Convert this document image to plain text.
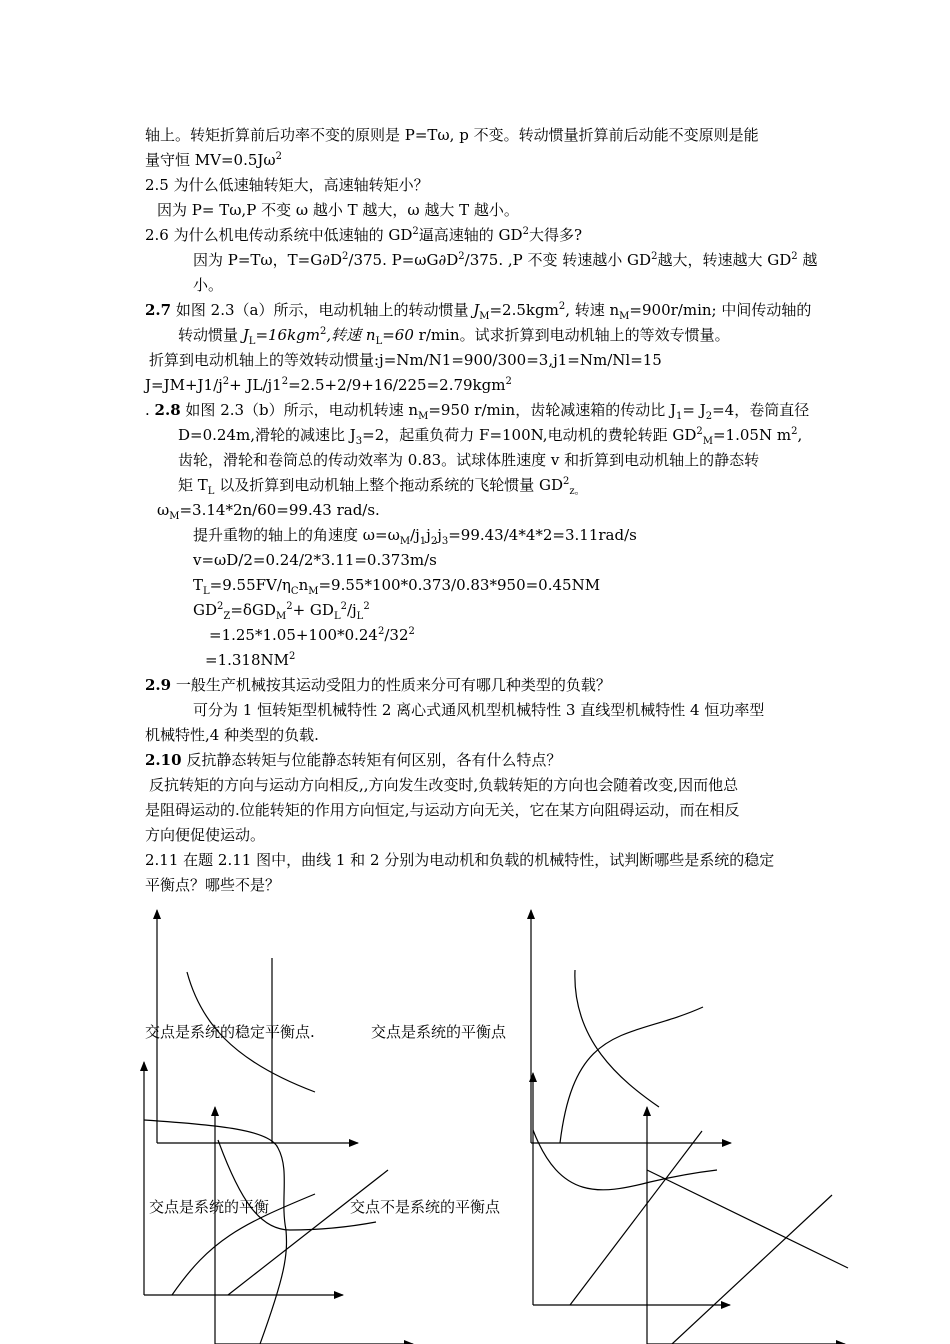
轴上。转矩折算前后功率不变的原则是 P=Tω, p 不变。转动惯量折算前后动能不变原则是能
量守恒 $MV=0.5J\omega^2$
2.5 为什么低速轴转矩大，高速轴转矩小？
因为 P= Tω,P 不变 ω 越小 T 越大，ω 越大 T 越小。
2.6 为什么机电传动系统中低速轴的 $GD^2$逼高速轴的 $GD^2$大得多?
因为 P=Tω，$T=G\partial D^2/375$. $P=\omega G\partial D^2/375$. ,P 不变 转速越小 $GD^2$越大，转速越大 $GD^2$ 越
小。
2.7 如图 2.3（a）所示，电动机轴上的转动惯量 $J_M=2.5kgm^2$, 转速 $n_M=900r/\min$; 中间传动轴的
转动惯量 $J_L=16kgm^2$,转速 $n_L=60$ r/min。试求折算到电动机轴上的等效专惯量。
折算到电动机轴上的等效转动惯量:j=Nm/N1=900/300=3,j1=Nm/Nl=15
$J=JM+J1/j^2+ JL/j1^2=2.5+2/9+16/225=2.79kgm^2$
. 2.8 如图 2.3（b）所示，电动机转速 $n_M=950$ r/min，齿轮减速箱的传动比 $J_1= J_2=4$，卷筒直径
D=0.24m,滑轮的减速比 $J_3=2$，起重负荷力 F=100N,电动机的费轮转距 $GD^2_M=1.05N$ $m^2$,
齿轮，滑轮和卷筒总的传动效率为 0.83。试球体胜速度 v 和折算到电动机轴上的静态转
矩 $T_L$ 以及折算到电动机轴上整个拖动系统的飞轮惯量 $GD^2_{z。}$
$\omega_M=3.14*2n/60=99.43$ rad/s.
提升重物的轴上的角速度 $\omega=\omega_M/j_1j_2j_3=99.43/4*4*2=3.11rad/s$
v=ωD/2=0.24/2*3.11=0.373m/s
$T_L=9.55FV/\eta_Cn_M=9.55*100*0.373/0.83*950=0.45NM$
$GD^2_Z=\delta GD_M^2+ GD_L^2/j_L^2$
$=1.25*1.05+100*0.24^2/32^2$
$=1.318NM^2$
2.9 一般生产机械按其运动受阻力的性质来分可有哪几种类型的负载？
可分为 1 恒转矩型机械特性 2 离心式通风机型机械特性 3 直线型机械特性 4 恒功率型
机械特性,4 种类型的负载.
2.10 反抗静态转矩与位能静态转矩有何区别，各有什么特点？
反抗转矩的方向与运动方向相反,,方向发生改变时,负载转矩的方向也会随着改变,因而他总
是阻碍运动的.位能转矩的作用方向恒定,与运动方向无关，它在某方向阻碍运动，而在相反
方向便促使运动。
2.11 在题 2.11 图中，曲线 1 和 2 分别为电动机和负载的机械特性，试判断哪些是系统的稳定
平衡点？哪些不是？
交点是系统的稳定平衡点.	交点是系统的平衡点
交点是系统的平衡	交点不是系统的平衡点
